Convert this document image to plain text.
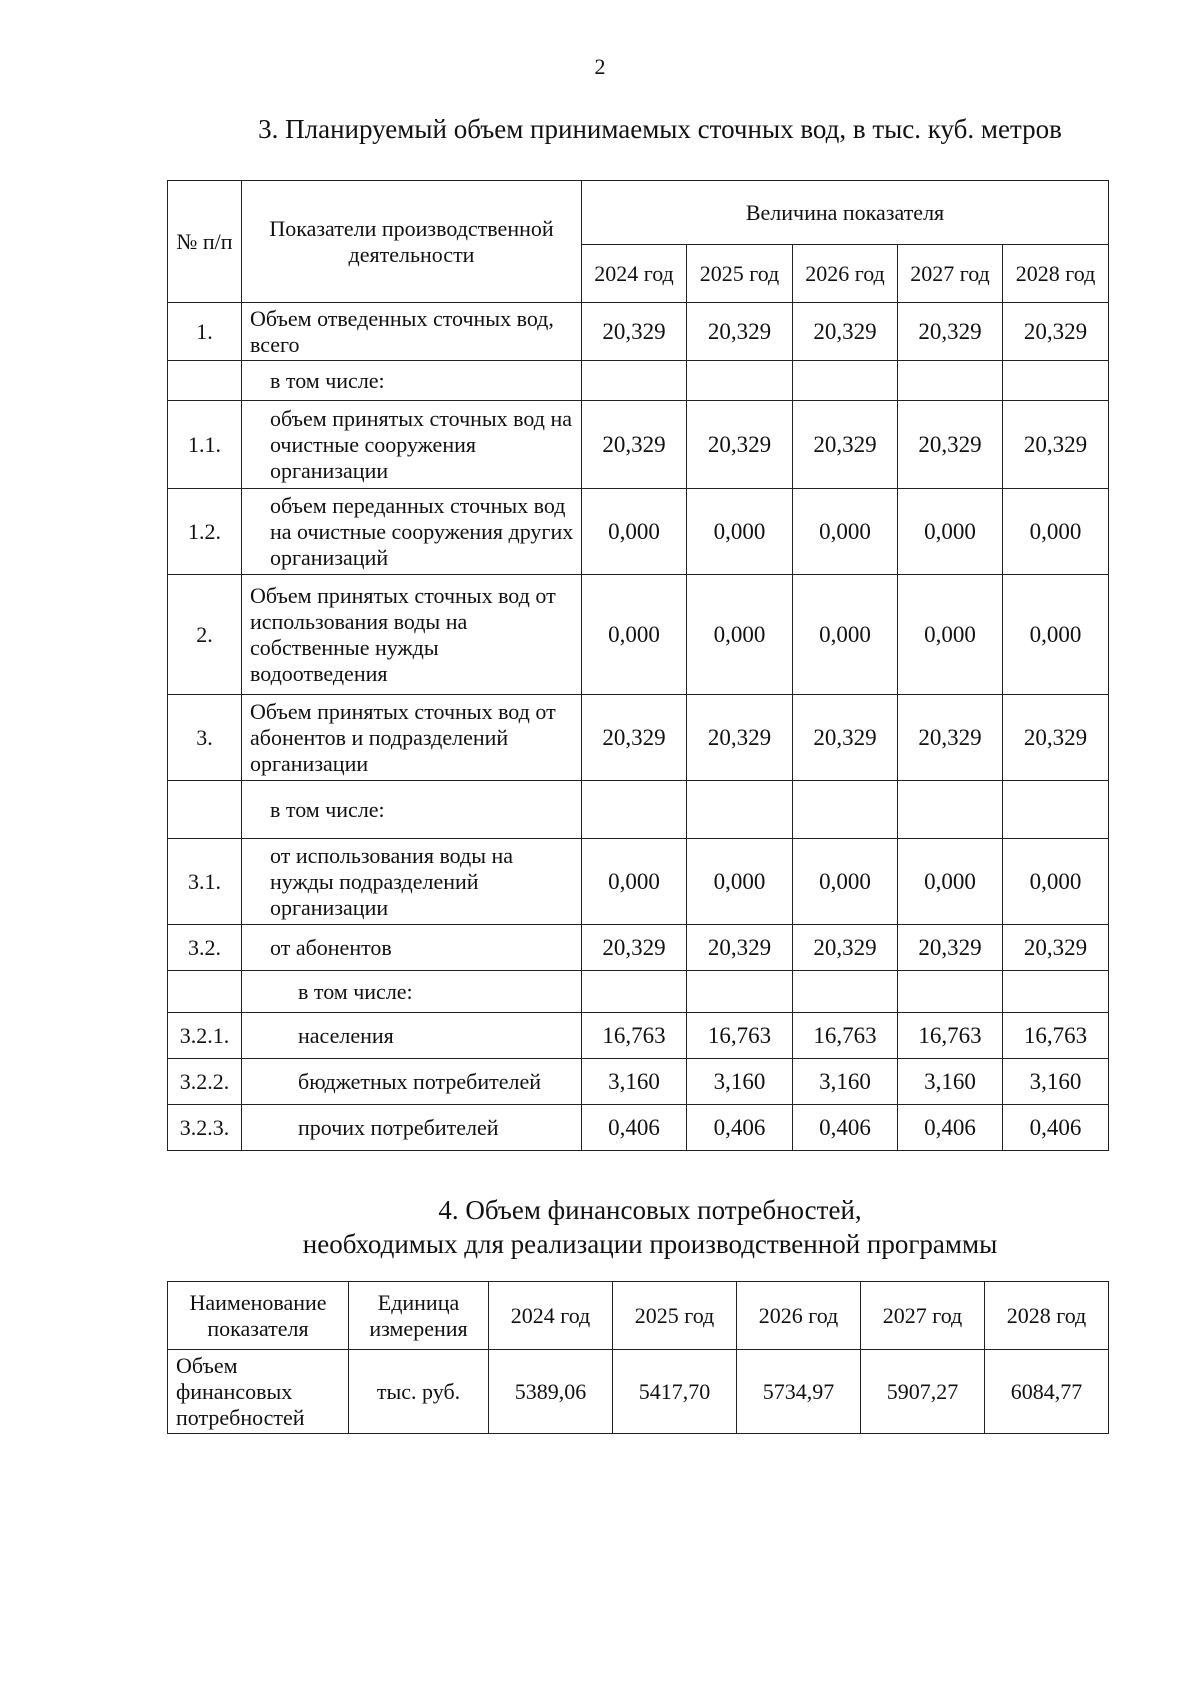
2
3. Планируемый объем принимаемых сточных вод, в тыс. куб. метров
№ п/п	Показатели производственной деятельности	Величина показателя				
		2024 год	2025 год	2026 год	2027 год	2028 год
1.	Объем отведенных сточных вод, всего	20,329	20,329	20,329	20,329	20,329
	в том числе:					
1.1.	объем принятых сточных вод на очистные сооружения организации	20,329	20,329	20,329	20,329	20,329
1.2.	объем переданных сточных вод на очистные сооружения других организаций	0,000	0,000	0,000	0,000	0,000
2.	Объем принятых сточных вод от использования воды на собственные нужды водоотведения	0,000	0,000	0,000	0,000	0,000
3.	Объем принятых сточных вод от абонентов и подразделений организации	20,329	20,329	20,329	20,329	20,329
	в том числе:					
3.1.	от использования воды на нужды подразделений организации	0,000	0,000	0,000	0,000	0,000
3.2.	от абонентов	20,329	20,329	20,329	20,329	20,329
	в том числе:					
3.2.1.	населения	16,763	16,763	16,763	16,763	16,763
3.2.2.	бюджетных потребителей	3,160	3,160	3,160	3,160	3,160
3.2.3.	прочих потребителей	0,406	0,406	0,406	0,406	0,406
4. Объем финансовых потребностей,
необходимых для реализации производственной программы
Наименование показателя	Единица измерения	2024 год	2025 год	2026 год	2027 год	2028 год
Объем финансовых потребностей	тыс. руб.	5389,06	5417,70	5734,97	5907,27	6084,77
